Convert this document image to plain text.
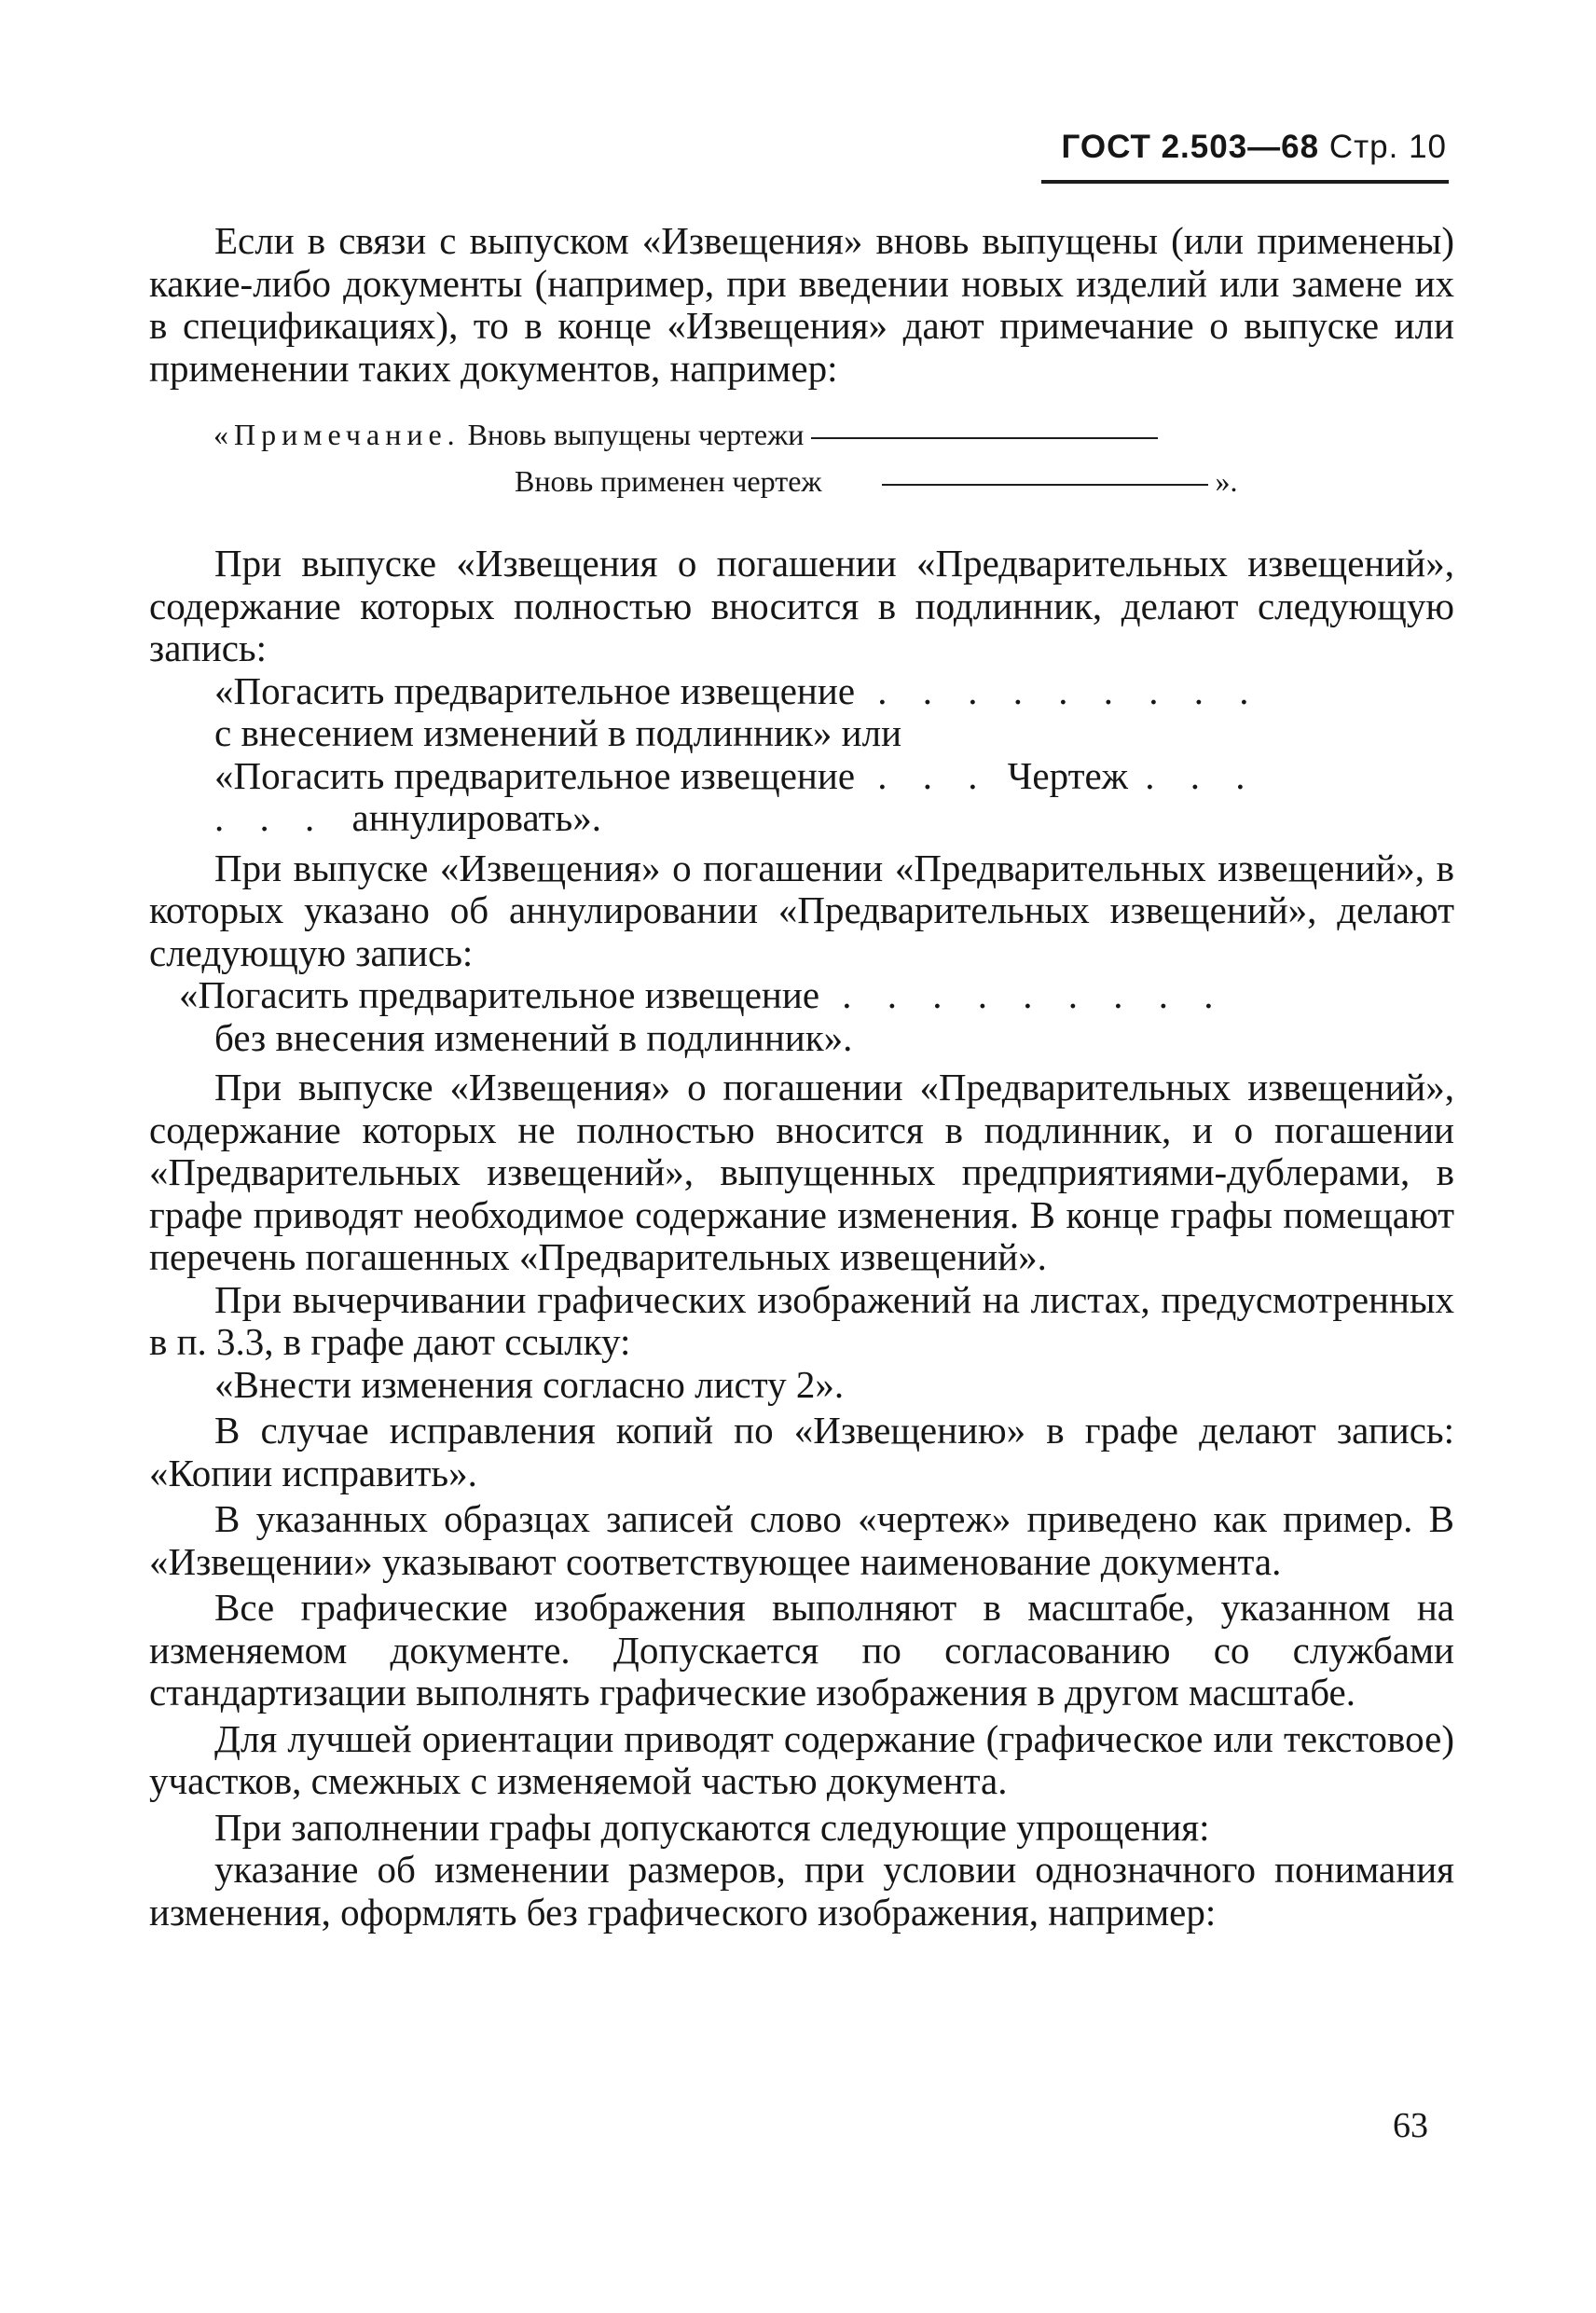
ГОСТ 2.503—68 Стр. 10

Если в связи с выпуском «Извещения» вновь выпущены (или применены) какие-либо документы (например, при введении новых изделий или замене их в спецификациях), то в конце «Извещения» дают примечание о выпуске или применении таких документов, например:

«Примечание. Вновь выпущены чертежи
Вновь применен чертеж	».

При выпуске «Извещения о погашении «Предварительных извещений», содержание которых полностью вносится в подлинник, делают следующую запись:

«Погасить предварительное извещение . . . . . . . . .

с внесением изменений в подлинник» или

«Погасить предварительное извещение . . . Чертеж . . .

. . . аннулировать».

При выпуске «Извещения» о погашении «Предварительных извещений», в которых указано об аннулировании «Предварительных извещений», делают следующую запись:

«Погасить предварительное извещение . . . . . . . . .

без внесения изменений в подлинник».

При выпуске «Извещения» о погашении «Предварительных извещений», содержание которых не полностью вносится в подлинник, и о погашении «Предварительных извещений», выпущенных предприятиями-дублерами, в графе приводят необходимое содержание изменения. В конце графы помещают перечень погашенных «Предварительных извещений».

При вычерчивании графических изображений на листах, предусмотренных в п. 3.3, в графе дают ссылку:

«Внести изменения согласно листу 2».

В случае исправления копий по «Извещению» в графе делают запись: «Копии исправить».

В указанных образцах записей слово «чертеж» приведено как пример. В «Извещении» указывают соответствующее наименование документа.

Все графические изображения выполняют в масштабе, указанном на изменяемом документе. Допускается по согласованию со службами стандартизации выполнять графические изображения в другом масштабе.

Для лучшей ориентации приводят содержание (графическое или текстовое) участков, смежных с изменяемой частью документа.

При заполнении графы допускаются следующие упрощения:

указание об изменении размеров, при условии однозначного понимания изменения, оформлять без графического изображения, например:

63
